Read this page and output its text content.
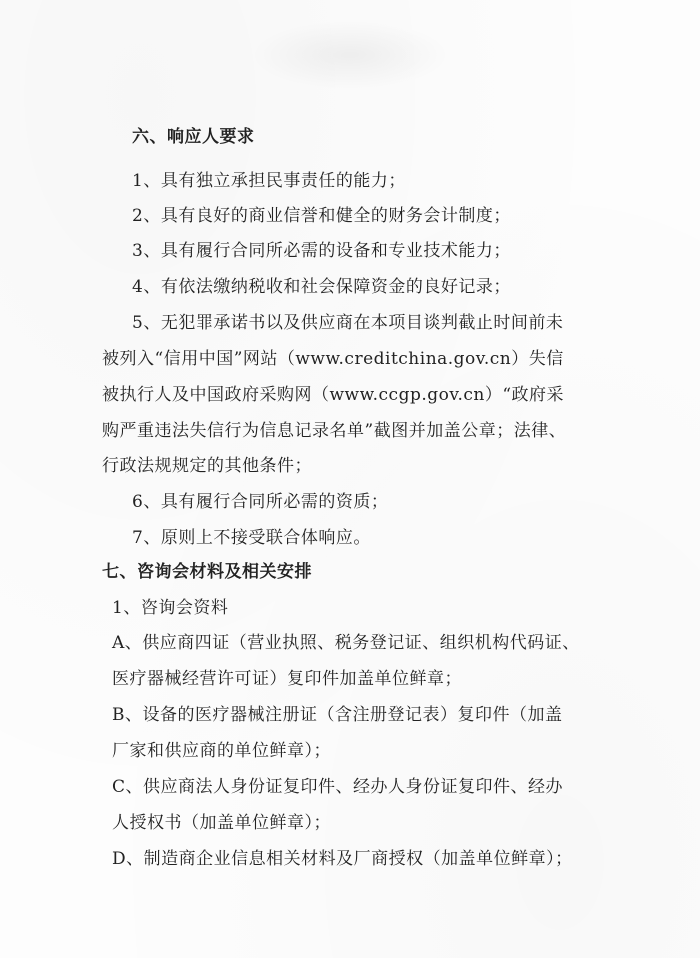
六、响应人要求
1、具有独立承担民事责任的能力；
2、具有良好的商业信誉和健全的财务会计制度；
3、具有履行合同所必需的设备和专业技术能力；
4、有依法缴纳税收和社会保障资金的良好记录；
5、无犯罪承诺书以及供应商在本项目谈判截止时间前未
被列入“信用中国”网站（www.creditchina.gov.cn）失信
被执行人及中国政府采购网（www.ccgp.gov.cn）“政府采
购严重违法失信行为信息记录名单”截图并加盖公章；法律、
行政法规规定的其他条件；
6、具有履行合同所必需的资质；
7、原则上不接受联合体响应。
七、咨询会材料及相关安排
1、咨询会资料
A、供应商四证（营业执照、税务登记证、组织机构代码证、
医疗器械经营许可证）复印件加盖单位鲜章；
B、设备的医疗器械注册证（含注册登记表）复印件（加盖
厂家和供应商的单位鲜章）；
C、供应商法人身份证复印件、经办人身份证复印件、经办
人授权书（加盖单位鲜章）；
D、制造商企业信息相关材料及厂商授权（加盖单位鲜章）；
